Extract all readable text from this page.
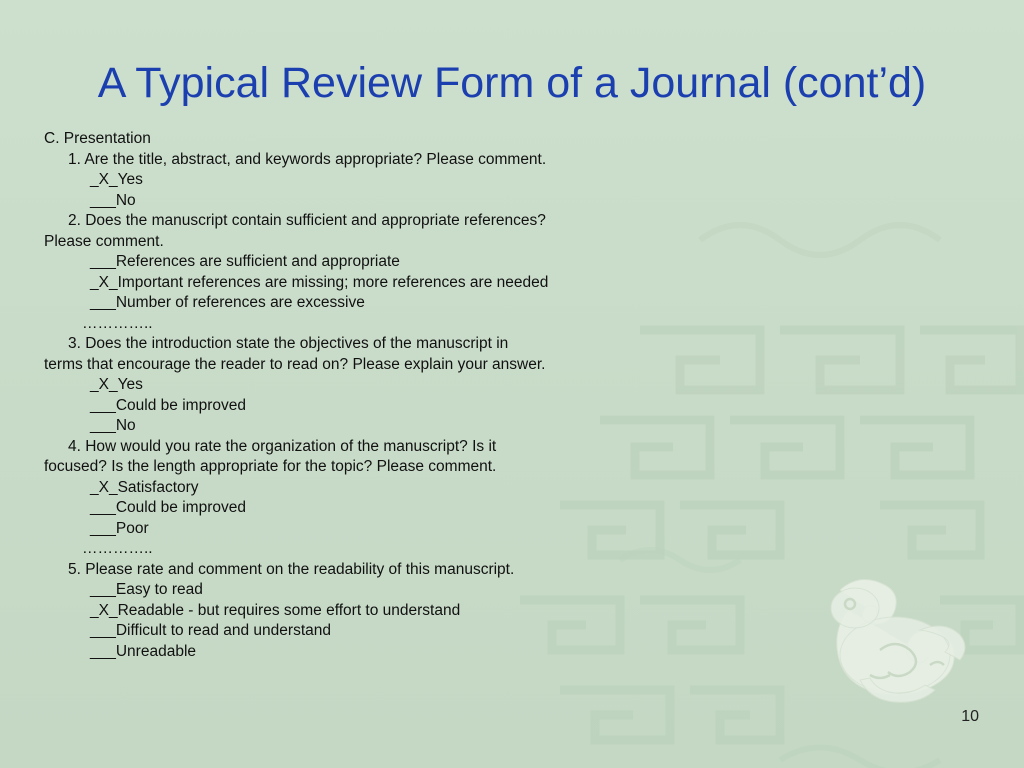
A Typical Review Form of a Journal (cont’d)
C. Presentation
1. Are the title, abstract, and keywords appropriate? Please comment.
_X_Yes
___No
2. Does the manuscript contain sufficient and appropriate references?
Please comment.
___References are sufficient and appropriate
_X_Important references are missing; more references are needed
___Number of references are excessive
…………..
3. Does the introduction state the objectives of the manuscript in
terms that encourage the reader to read on? Please explain your answer.
_X_Yes
___Could be improved
___No
4. How would you rate the organization of the manuscript? Is it
focused? Is the length appropriate for the topic? Please comment.
_X_Satisfactory
___Could be improved
___Poor
…………..
5. Please rate and comment on the readability of this manuscript.
___Easy to read
_X_Readable - but requires some effort to understand
___Difficult to read and understand
___Unreadable
10
